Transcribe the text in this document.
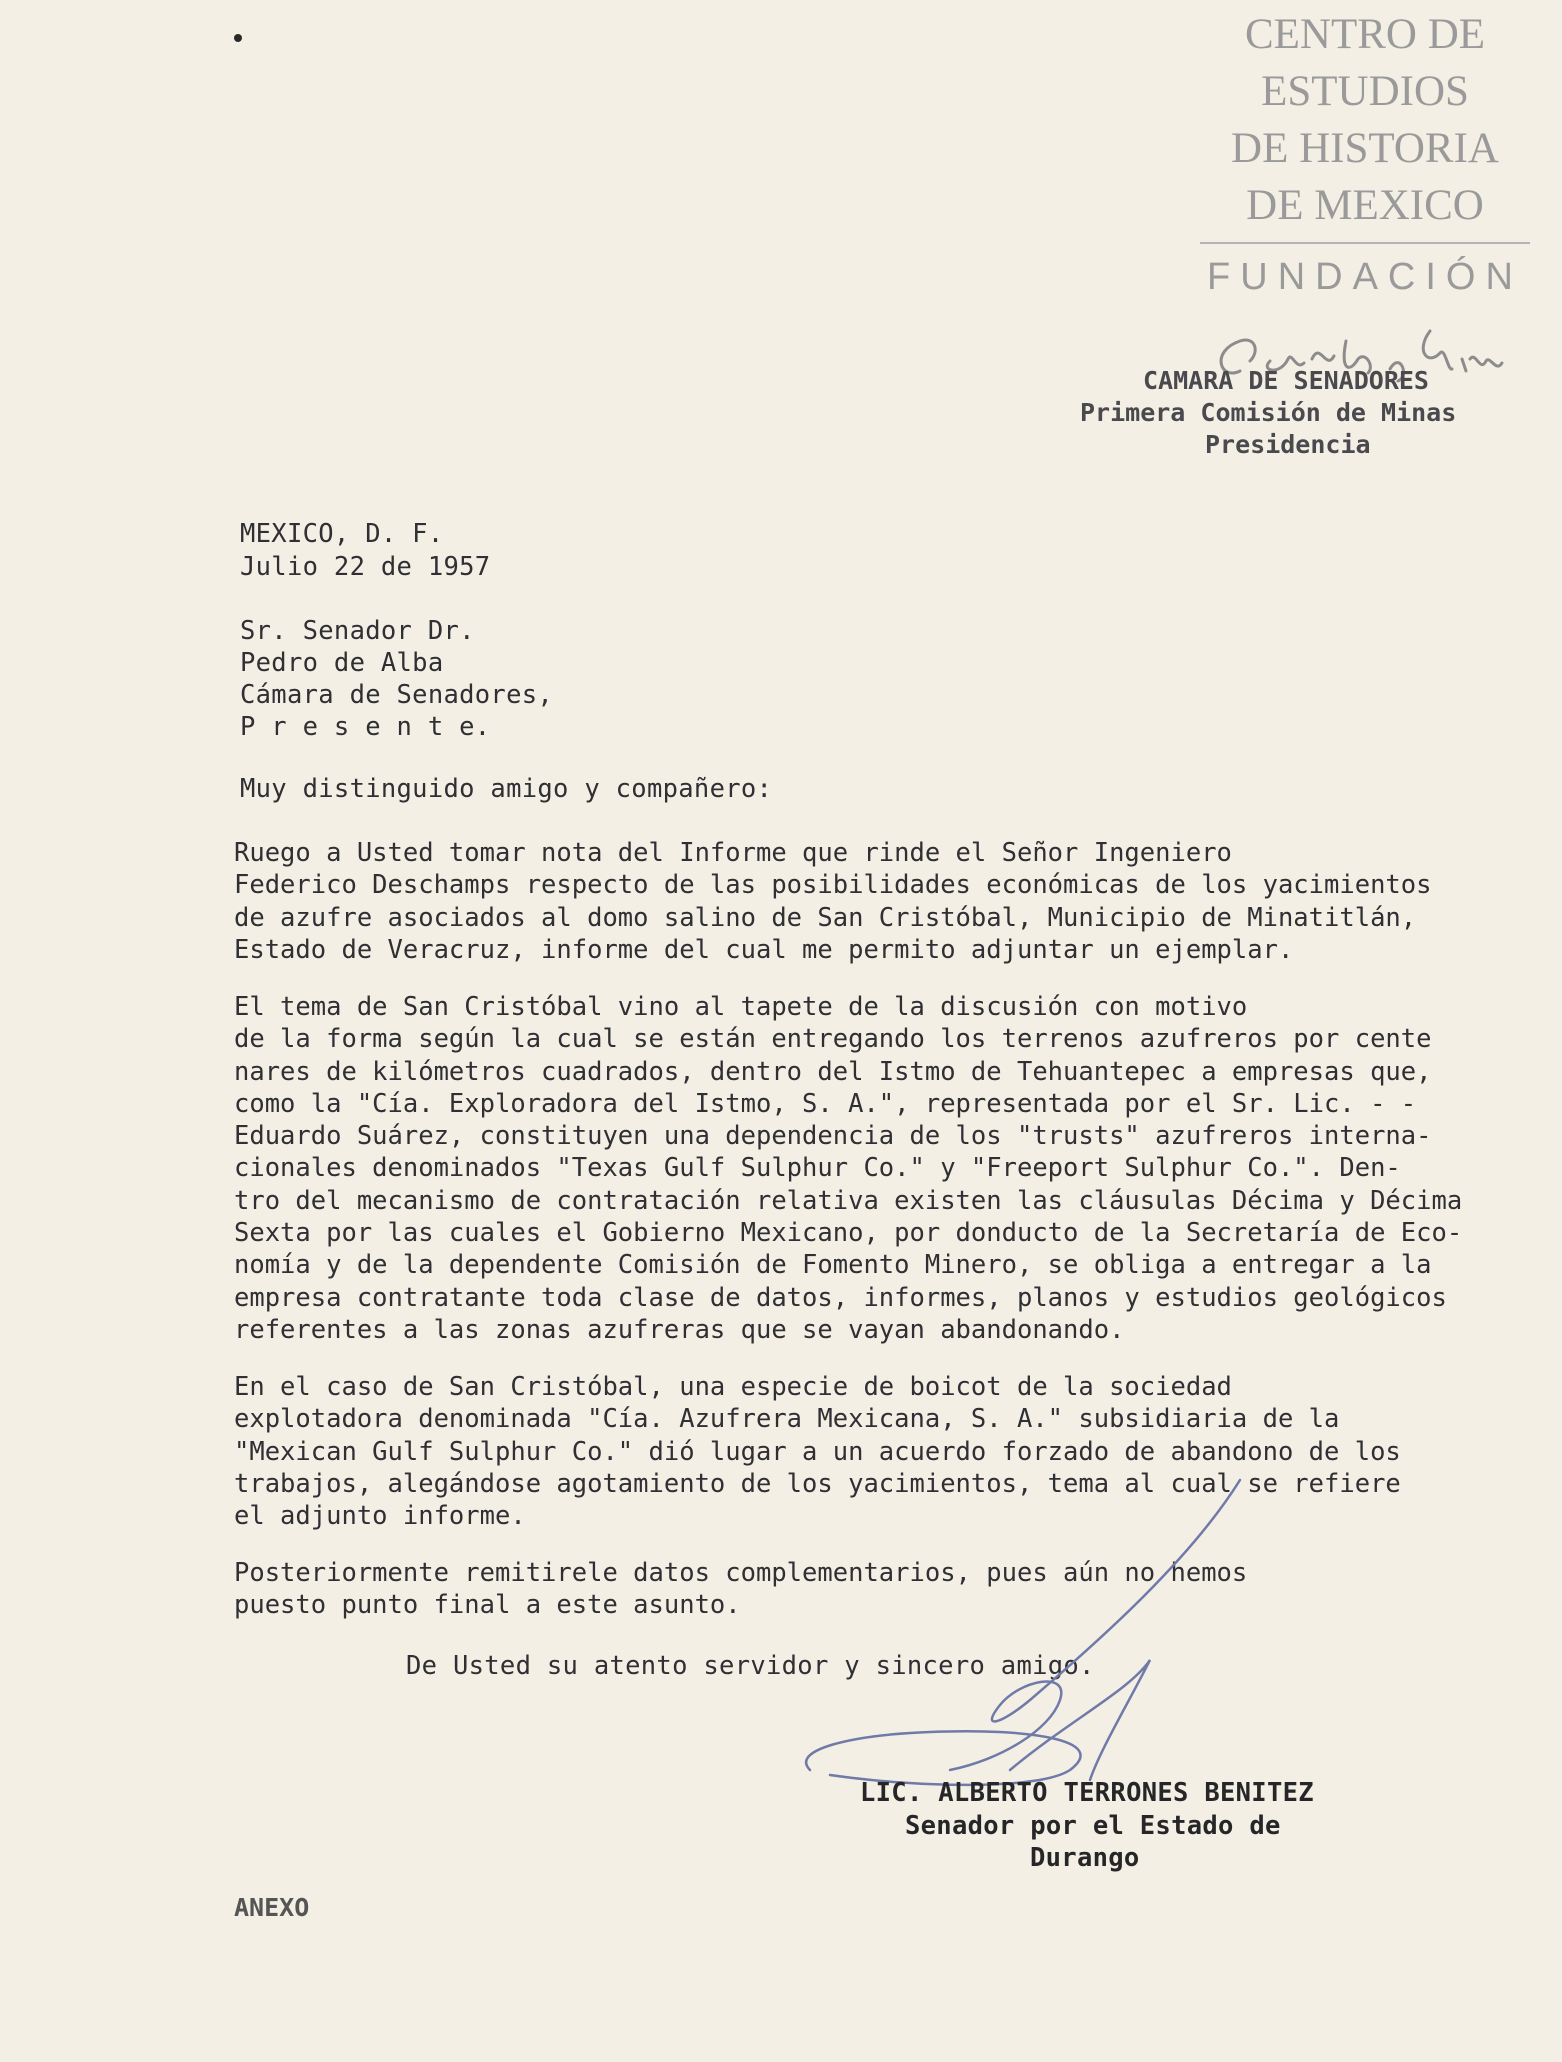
CENTRO DE
ESTUDIOS
DE HISTORIA
DE MEXICO
FUNDACIÓN
CAMARA DE SENADORES
Primera Comisión de Minas
Presidencia
MEXICO, D. F.
Julio 22 de 1957
Sr. Senador Dr.
Pedro de Alba
Cámara de Senadores,
P r e s e n t e.
Muy distinguido amigo y compañero:
Ruego a Usted tomar nota del Informe que rinde el Señor Ingeniero
Federico Deschamps respecto de las posibilidades económicas de los yacimientos
de azufre asociados al domo salino de San Cristóbal, Municipio de Minatitlán,
Estado de Veracruz, informe del cual me permito adjuntar un ejemplar.
El tema de San Cristóbal vino al tapete de la discusión con motivo
de la forma según la cual se están entregando los terrenos azufreros por cente
nares de kilómetros cuadrados, dentro del Istmo de Tehuantepec a empresas que,
como la "Cía. Exploradora del Istmo, S. A.", representada por el Sr. Lic. - -
Eduardo Suárez, constituyen una dependencia de los "trusts" azufreros interna-
cionales denominados "Texas Gulf Sulphur Co." y "Freeport Sulphur Co.". Den-
tro del mecanismo de contratación relativa existen las cláusulas Décima y Décima
Sexta por las cuales el Gobierno Mexicano, por donducto de la Secretaría de Eco-
nomía y de la dependente Comisión de Fomento Minero, se obliga a entregar a la
empresa contratante toda clase de datos, informes, planos y estudios geológicos
referentes a las zonas azufreras que se vayan abandonando.
En el caso de San Cristóbal, una especie de boicot de la sociedad
explotadora denominada "Cía. Azufrera Mexicana, S. A." subsidiaria de la
"Mexican Gulf Sulphur Co." dió lugar a un acuerdo forzado de abandono de los
trabajos, alegándose agotamiento de los yacimientos, tema al cual se refiere
el adjunto informe.
Posteriormente remitirele datos complementarios, pues aún no hemos
puesto punto final a este asunto.
De Usted su atento servidor y sincero amigo.
LIC. ALBERTO TERRONES BENITEZ
Senador por el Estado de
Durango
ANEXO
